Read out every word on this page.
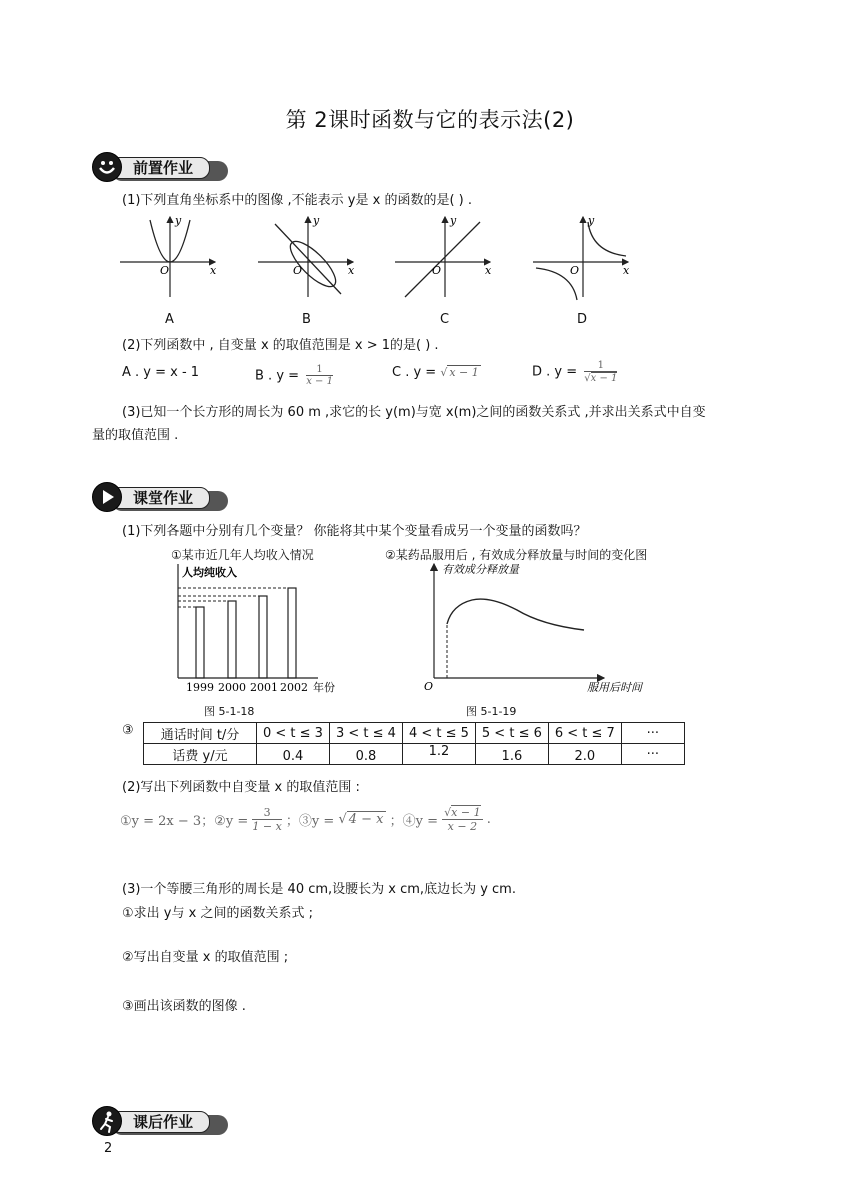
第 2课时函数与它的表示法(2)
前置作业
(1)下列直角坐标系中的图像 ,不能表示 y是 x 的函数的是( ) .
O	x
y
O	x
y
O	x
y
O	x
y
A	B	C	D
(2)下列函数中 , 自变量 x 的取值范围是 x > 1的是( ) .
A . y = x - 1	B . $y = \frac{1}{x - 1}$	C . y = √ x − 1	D . $y = \frac{1}{√x - 1}$
(3)已知一个长方形的周长为 60 m ,求它的长 y(m)与宽 x(m)之间的函数关系式 ,并求出关系式中自变
量的取值范围 .
课堂作业
(1)下列各题中分别有几个变量？ 你能将其中某个变量看成另一个变量的函数吗？
①某市近几年人均收入情况	②某药品服用后 , 有效成分释放量与时间的变化图
人均纯收入
1999 2000 2001 2002 年份
有效成分释放量
O	服用后时间
图 5-1-18	图 5-1-19
③ 通话时间 t/分	0 < t ≤ 3	3 < t ≤ 4	4 < t ≤ 5	5 < t ≤ 6	6 < t ≤ 7	···
话费 y/元	0.4	0.8	1.2	1.6	2.0	···
(2)写出下列函数中自变量 x 的取值范围 :
①y = 2x − 3；②y = $\frac{3}{1 - x}$ ；③y = √ 4 − x ；④y = $\frac{√x - 1}{x - 2}$ .
(3)一个等腰三角形的周长是 40 cm,设腰长为 x cm,底边长为 y cm.
①求出 y与 x 之间的函数关系式 ;
②写出自变量 x 的取值范围 ;
③画出该函数的图像 .
课后作业
2
